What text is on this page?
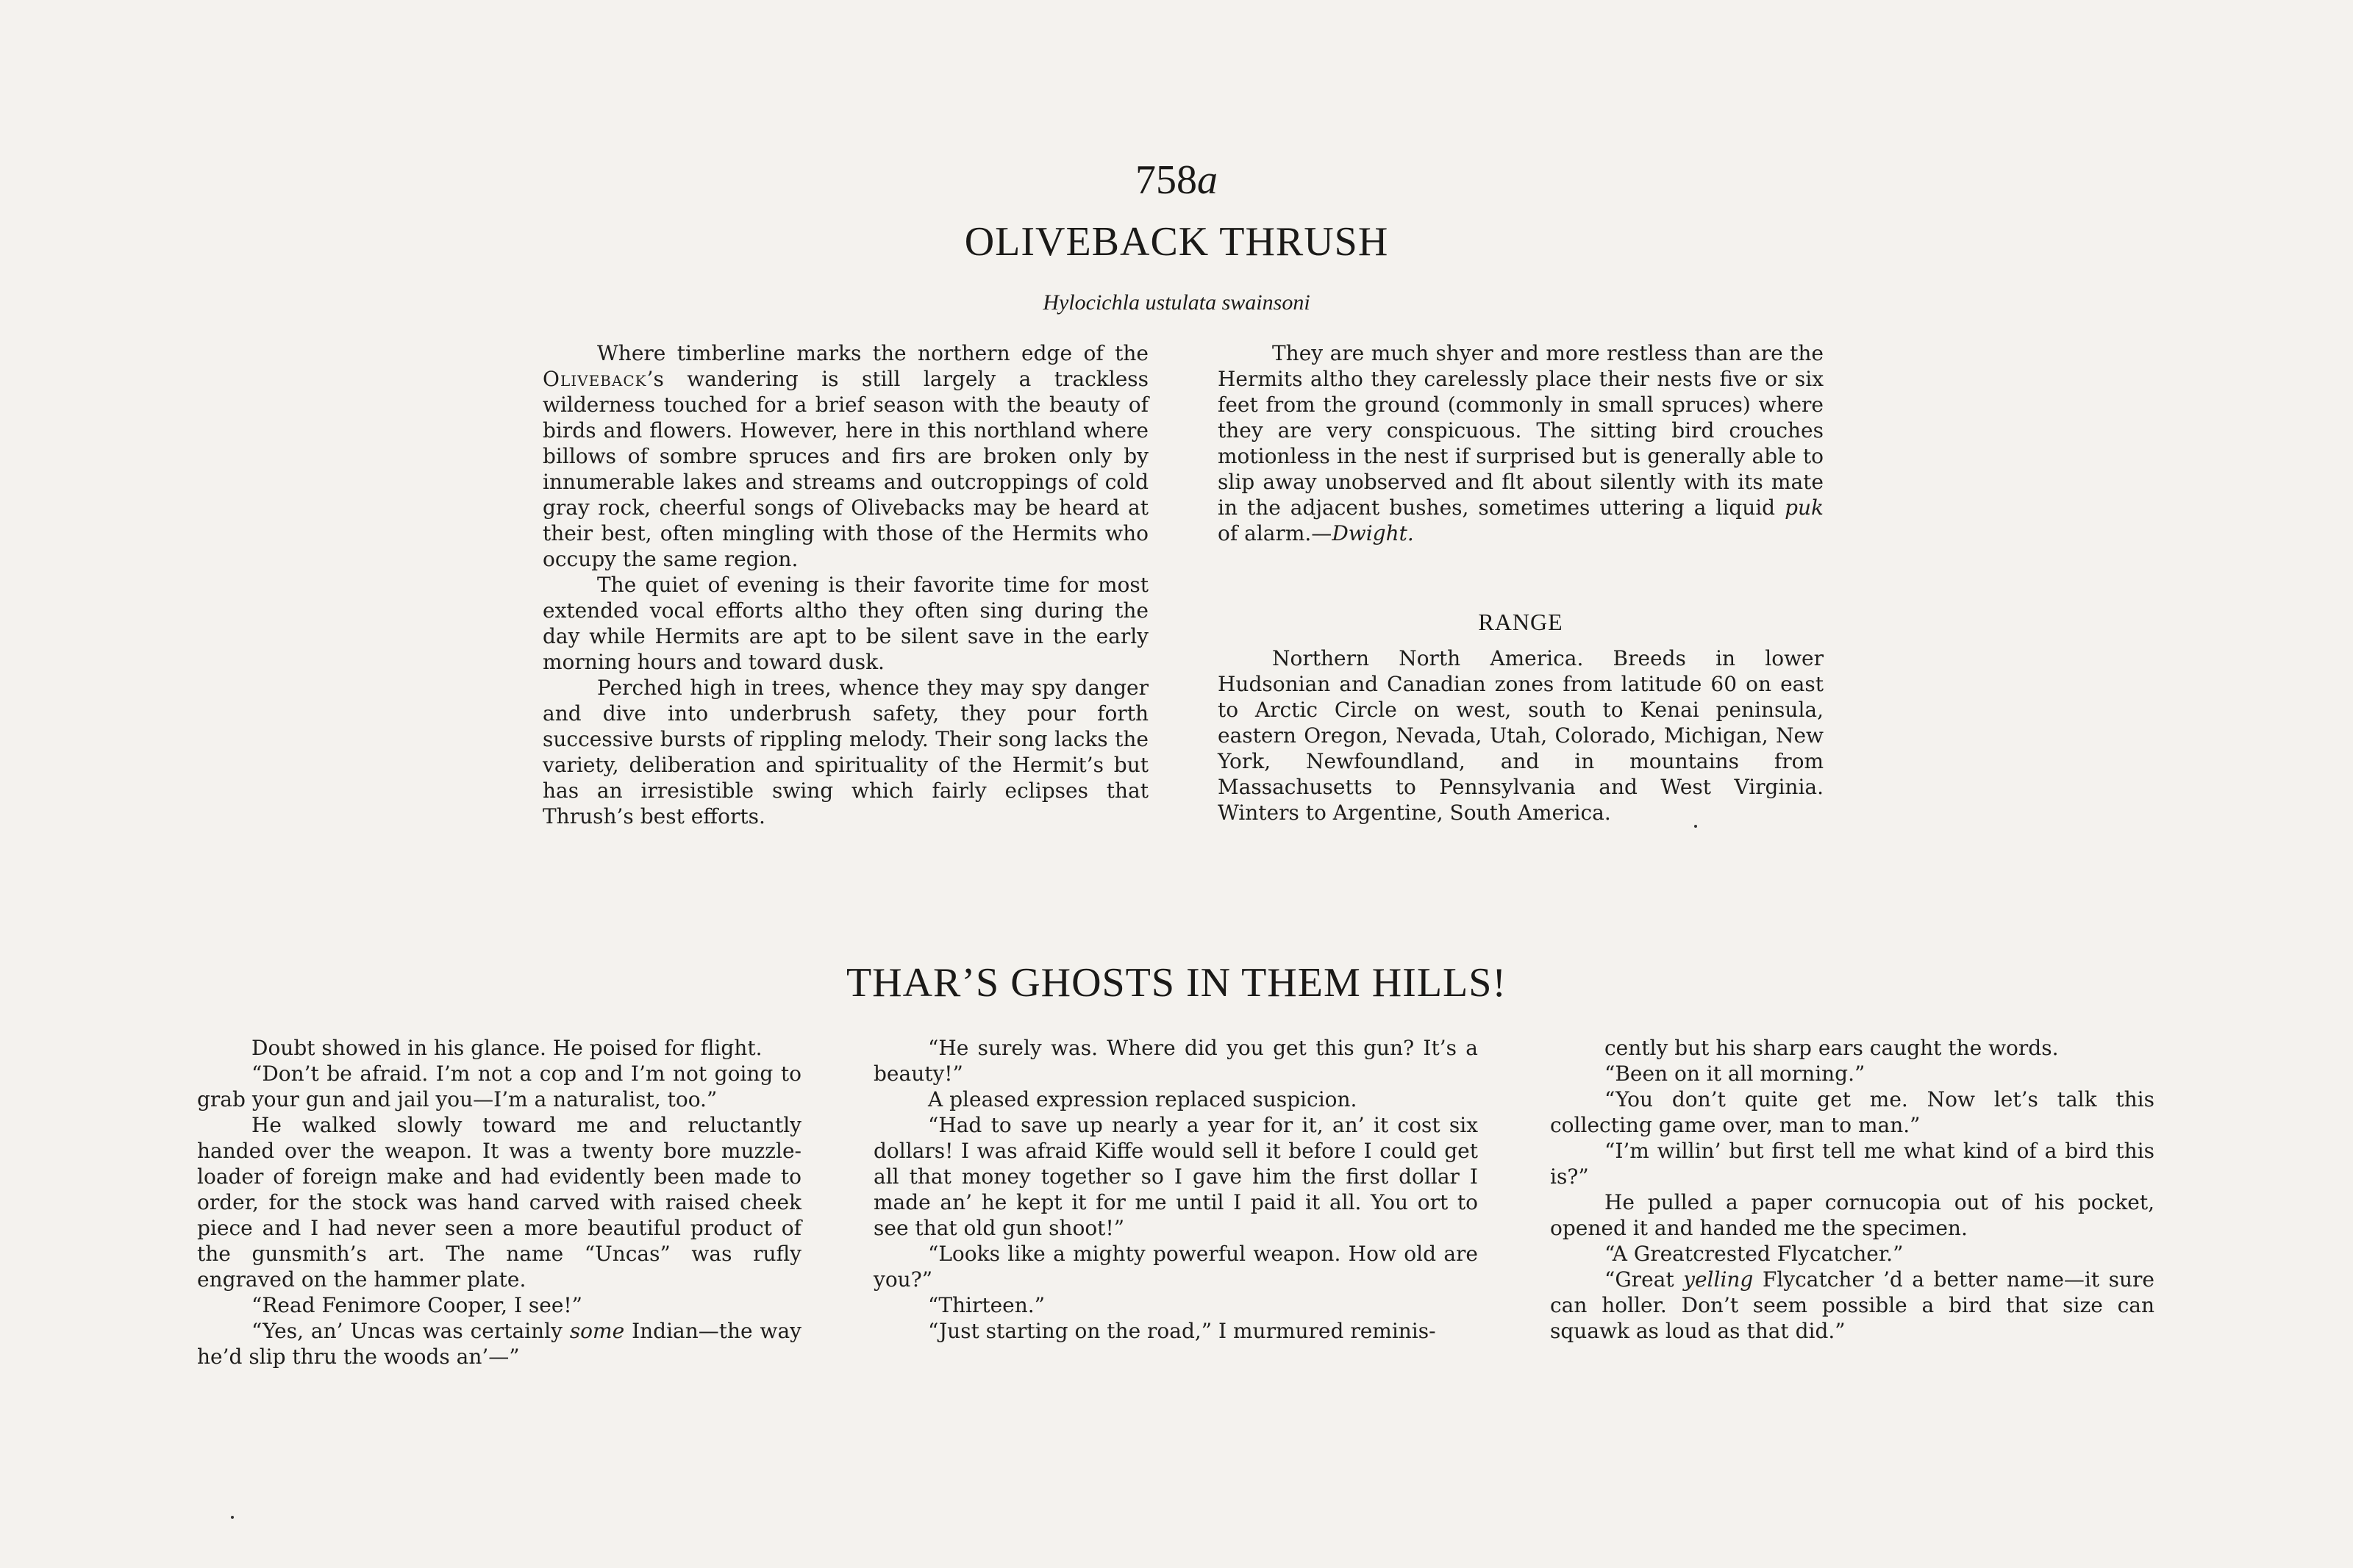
758a
OLIVEBACK THRUSH
Hylocichla ustulata swainsoni

Where timberline marks the northern edge of the Oliveback’s wandering is still largely a trackless wilderness touched for a brief season with the beauty of birds and flowers. However, here in this northland where billows of sombre spruces and firs are broken only by innumerable lakes and streams and outcroppings of cold gray rock, cheerful songs of Olivebacks may be heard at their best, often mingling with those of the Hermits who occupy the same region.

The quiet of evening is their favorite time for most extended vocal efforts altho they often sing during the day while Hermits are apt to be silent save in the early morning hours and toward dusk.

Perched high in trees, whence they may spy danger and dive into underbrush safety, they pour forth successive bursts of rippling melody. Their song lacks the variety, deliberation and spirituality of the Hermit’s but has an irresistible swing which fairly eclipses that Thrush’s best efforts.

They are much shyer and more restless than are the Hermits altho they carelessly place their nests five or six feet from the ground (commonly in small spruces) where they are very conspicuous. The sitting bird crouches motionless in the nest if surprised but is generally able to slip away unobserved and flt about silently with its mate in the adjacent bushes, sometimes uttering a liquid puk of alarm.—Dwight.

RANGE

Northern North America. Breeds in lower Hudsonian and Canadian zones from latitude 60 on east to Arctic Circle on west, south to Kenai peninsula, eastern Oregon, Nevada, Utah, Colorado, Michigan, New York, Newfoundland, and in mountains from Massachusetts to Pennsylvania and West Virginia. Winters to Argentine, South America.

THAR’S GHOSTS IN THEM HILLS!

Doubt showed in his glance. He poised for flight.

“Don’t be afraid. I’m not a cop and I’m not going to grab your gun and jail you—I’m a naturalist, too.”

He walked slowly toward me and reluctantly handed over the weapon. It was a twenty bore muzzle-loader of foreign make and had evidently been made to order, for the stock was hand carved with raised cheek piece and I had never seen a more beautiful product of the gunsmith’s art. The name “Uncas” was rufly engraved on the hammer plate.

“Read Fenimore Cooper, I see!”

“Yes, an’ Uncas was certainly some Indian—the way he’d slip thru the woods an’—”

“He surely was. Where did you get this gun? It’s a beauty!”

A pleased expression replaced suspicion.

“Had to save up nearly a year for it, an’ it cost six dollars! I was afraid Kiffe would sell it before I could get all that money together so I gave him the first dollar I made an’ he kept it for me until I paid it all. You ort to see that old gun shoot!”

“Looks like a mighty powerful weapon. How old are you?”

“Thirteen.”

“Just starting on the road,” I murmured reminis-

cently but his sharp ears caught the words.

“Been on it all morning.”

“You don’t quite get me. Now let’s talk this collecting game over, man to man.”

“I’m willin’ but first tell me what kind of a bird this is?”

He pulled a paper cornucopia out of his pocket, opened it and handed me the specimen.

“A Greatcrested Flycatcher.”

“Great yelling Flycatcher ’d a better name—it sure can holler. Don’t seem possible a bird that size can squawk as loud as that did.”
